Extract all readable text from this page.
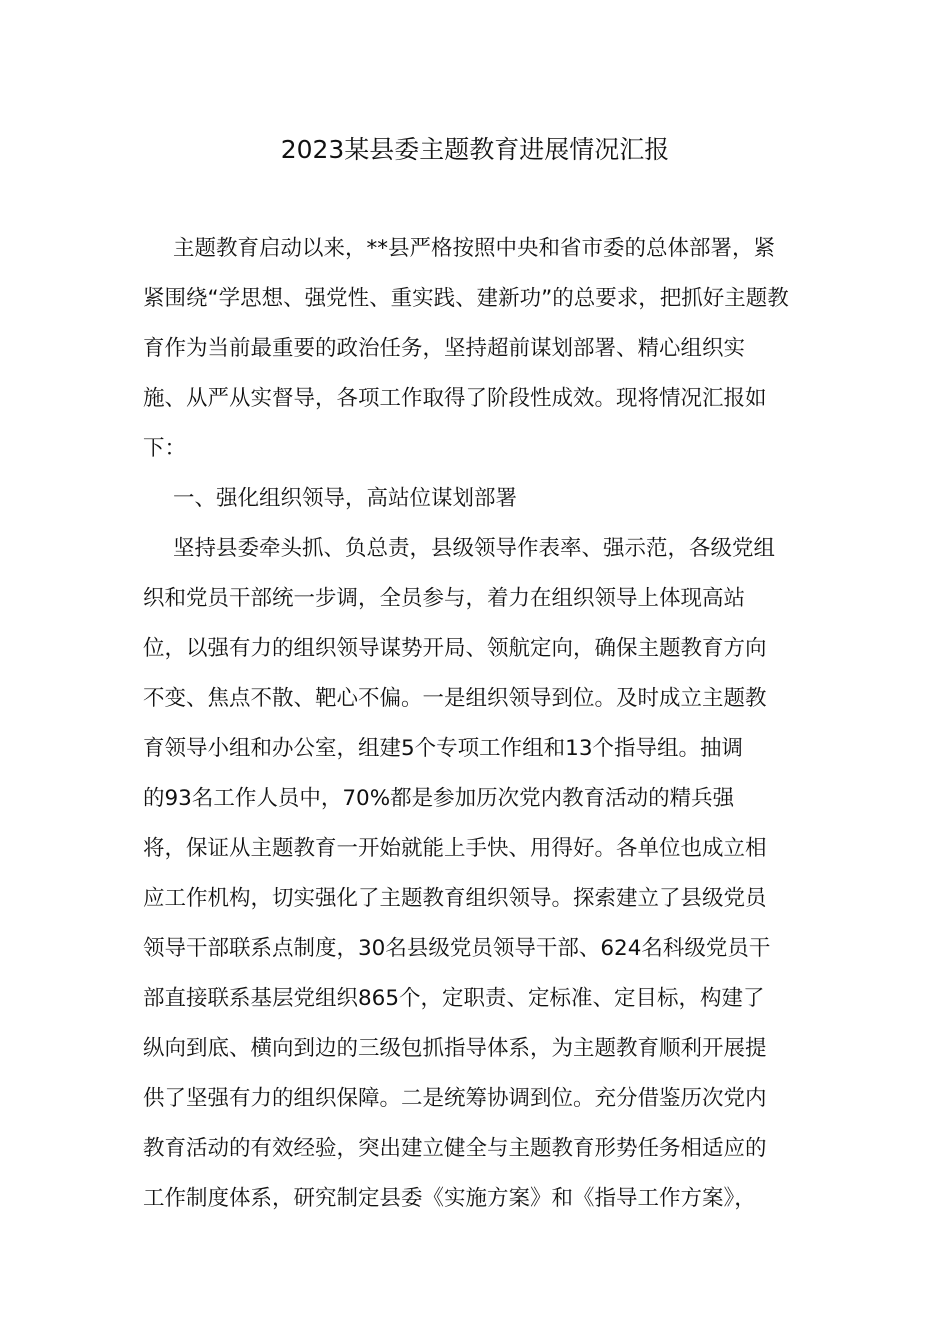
2023某县委主题教育进展情况汇报
主题教育启动以来，**县严格按照中央和省市委的总体部署，紧
紧围绕“学思想、强党性、重实践、建新功”的总要求，把抓好主题教
育作为当前最重要的政治任务，坚持超前谋划部署、精心组织实
施、从严从实督导，各项工作取得了阶段性成效。现将情况汇报如
下：
一、强化组织领导，高站位谋划部署
坚持县委牵头抓、负总责，县级领导作表率、强示范，各级党组
织和党员干部统一步调，全员参与，着力在组织领导上体现高站
位，以强有力的组织领导谋势开局、领航定向，确保主题教育方向
不变、焦点不散、靶心不偏。一是组织领导到位。及时成立主题教
育领导小组和办公室，组建5个专项工作组和13个指导组。抽调
的93名工作人员中，70%都是参加历次党内教育活动的精兵强
将，保证从主题教育一开始就能上手快、用得好。各单位也成立相
应工作机构，切实强化了主题教育组织领导。探索建立了县级党员
领导干部联系点制度，30名县级党员领导干部、624名科级党员干
部直接联系基层党组织865个，定职责、定标准、定目标，构建了
纵向到底、横向到边的三级包抓指导体系，为主题教育顺利开展提
供了坚强有力的组织保障。二是统筹协调到位。充分借鉴历次党内
教育活动的有效经验，突出建立健全与主题教育形势任务相适应的
工作制度体系，研究制定县委《实施方案》和《指导工作方案》，
